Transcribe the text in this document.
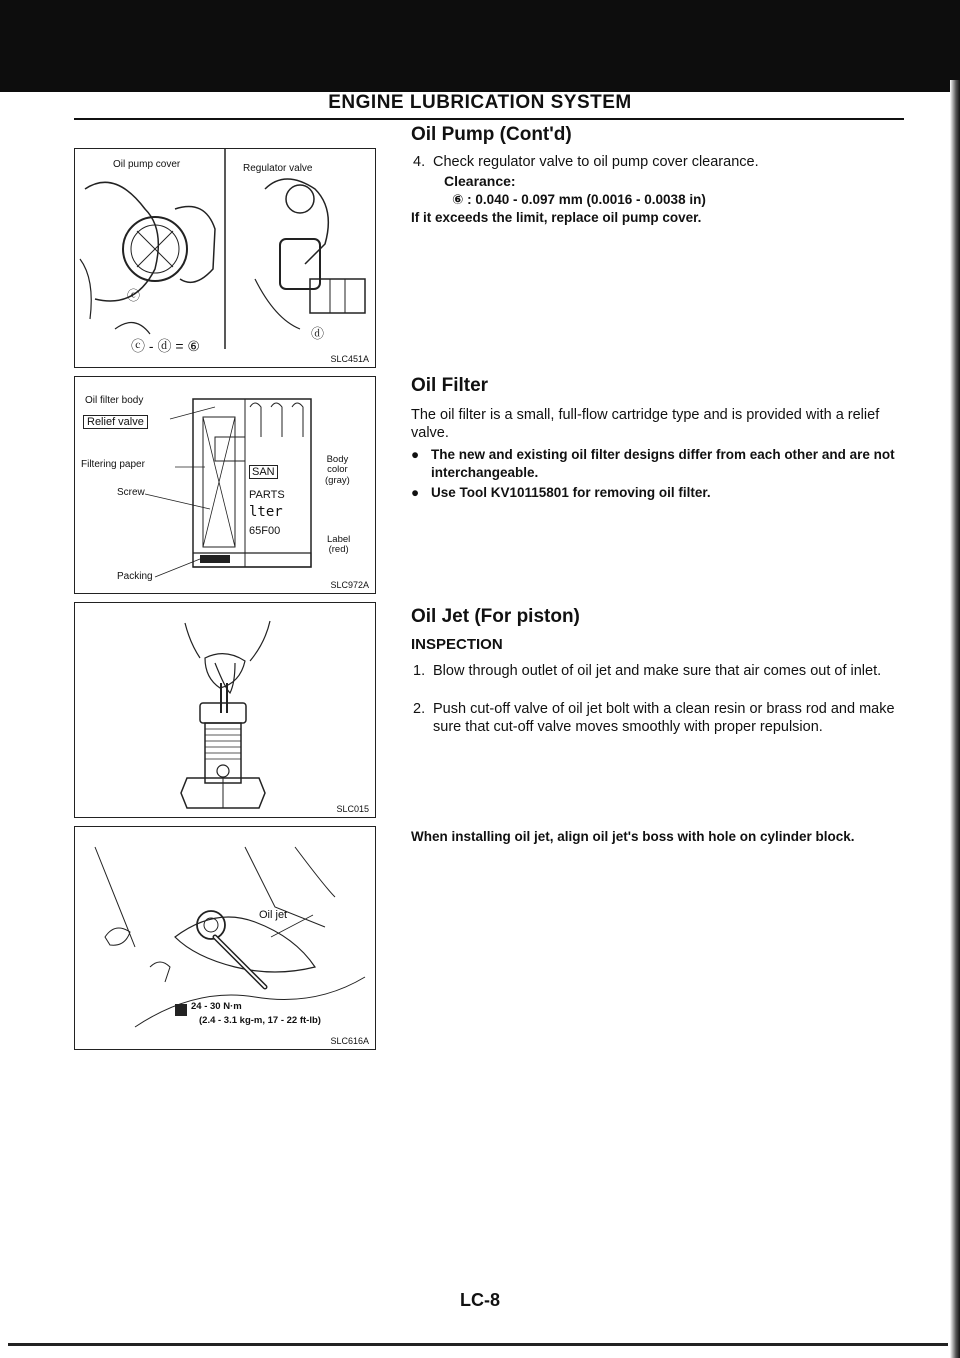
ENGINE LUBRICATION SYSTEM
Oil pump cover	Regulator valve
ⓒ
ⓓ
ⓒ - ⓓ = ⑥
SLC451A
Oil filter body
Relief valve
Filtering paper
Screw
Packing
Body
color
(gray)
Label
(red)
SAN
PARTS
lter
65F00
SLC972A
SLC015
Oil jet
24 - 30 N·m
(2.4 - 3.1 kg-m, 17 - 22 ft-lb)
SLC616A
Oil Pump (Cont'd)
4. Check regulator valve to oil pump cover clearance.
Clearance:
⑥ : 0.040 - 0.097 mm (0.0016 - 0.0038 in)
If it exceeds the limit, replace oil pump cover.
Oil Filter
The oil filter is a small, full-flow cartridge type and is provided with a relief valve.
● The new and existing oil filter designs differ from each other and are not interchangeable.
● Use Tool KV10115801 for removing oil filter.
Oil Jet (For piston)
INSPECTION
1. Blow through outlet of oil jet and make sure that air comes out of inlet.
2. Push cut-off valve of oil jet bolt with a clean resin or brass rod and make sure that cut-off valve moves smoothly with proper repulsion.
When installing oil jet, align oil jet's boss with hole on cylinder block.
LC-8
